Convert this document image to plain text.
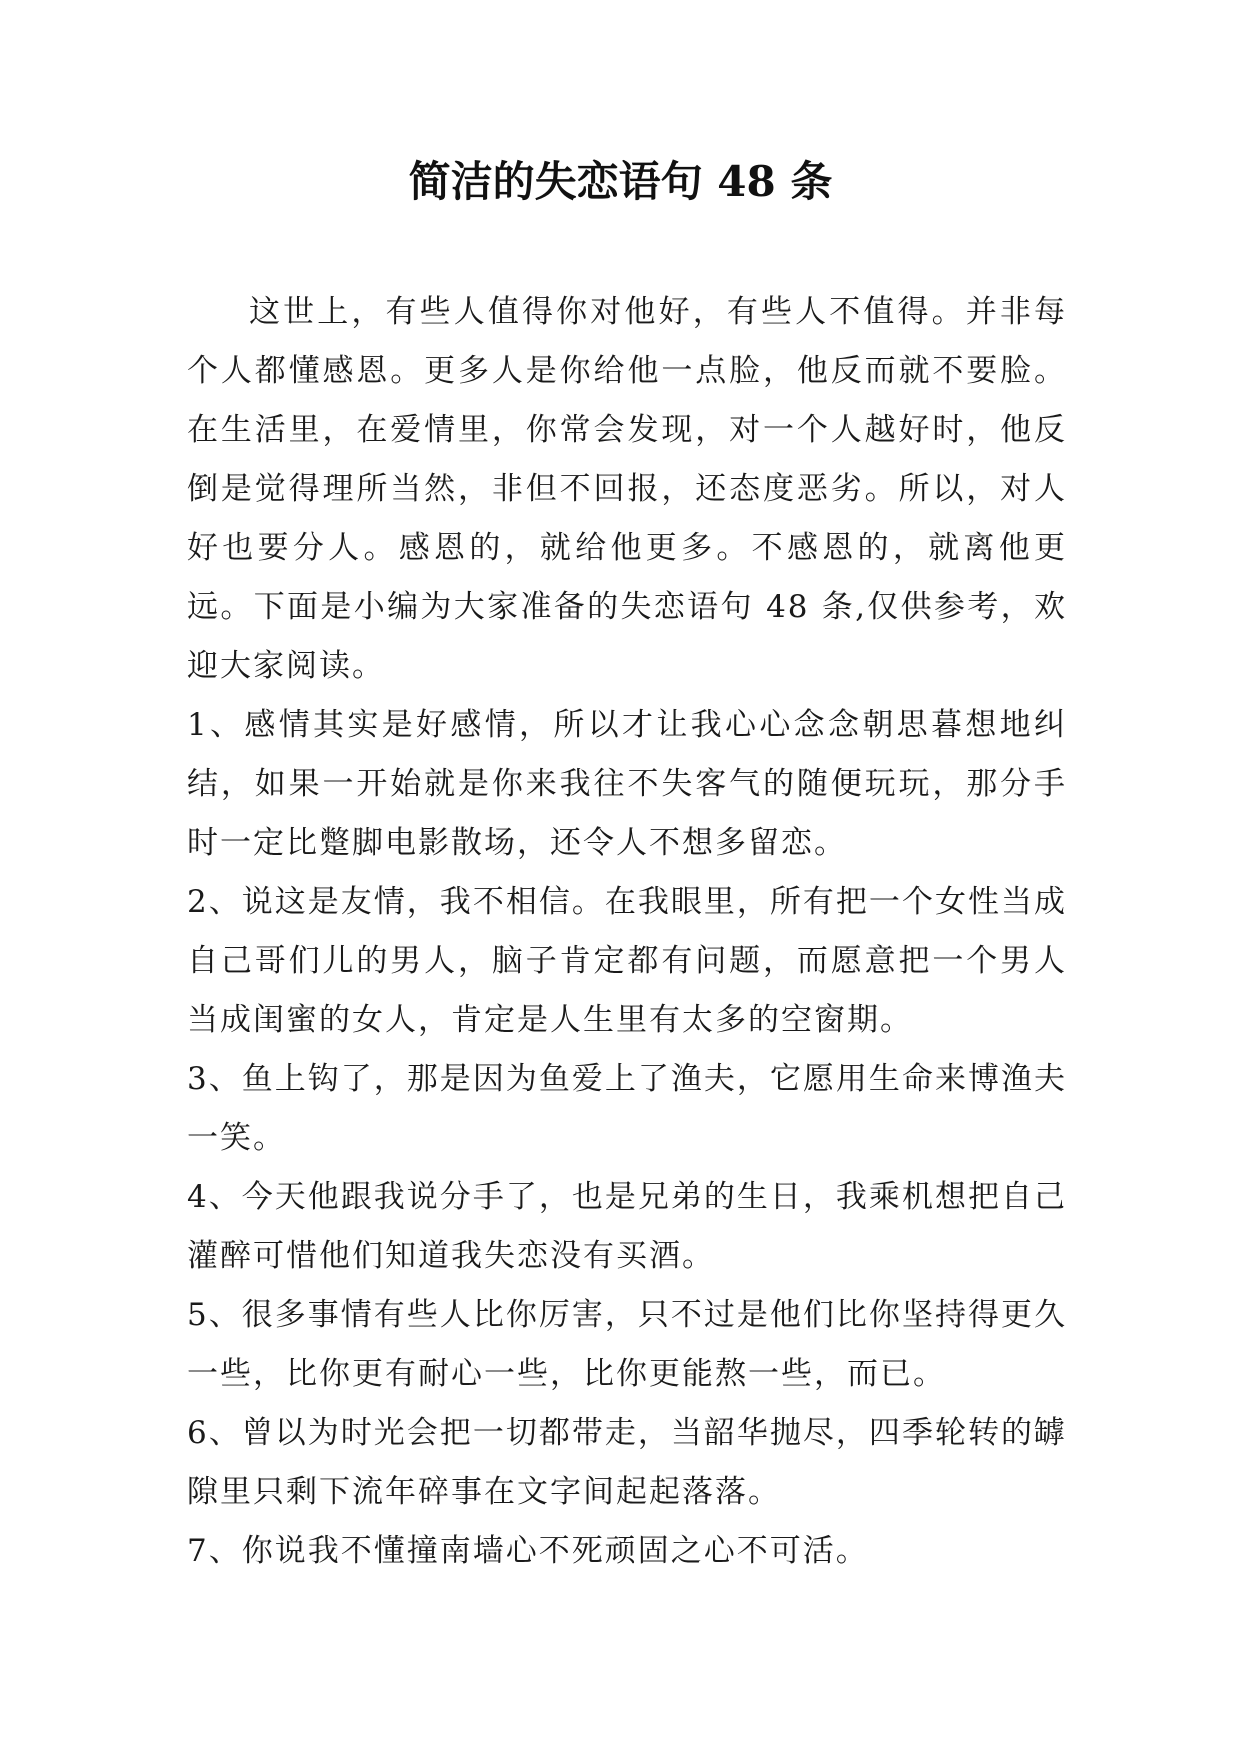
简洁的失恋语句 48 条

这世上，有些人值得你对他好，有些人不值得。并非每个人都懂感恩。更多人是你给他一点脸，他反而就不要脸。在生活里，在爱情里，你常会发现，对一个人越好时，他反倒是觉得理所当然，非但不回报，还态度恶劣。所以，对人好也要分人。感恩的，就给他更多。不感恩的，就离他更远。下面是小编为大家准备的失恋语句 48 条,仅供参考，欢迎大家阅读。

1、感情其实是好感情，所以才让我心心念念朝思暮想地纠结，如果一开始就是你来我往不失客气的随便玩玩，那分手时一定比蹩脚电影散场，还令人不想多留恋。

2、说这是友情，我不相信。在我眼里，所有把一个女性当成自己哥们儿的男人，脑子肯定都有问题，而愿意把一个男人当成闺蜜的女人，肯定是人生里有太多的空窗期。

3、鱼上钩了，那是因为鱼爱上了渔夫，它愿用生命来博渔夫一笑。

4、今天他跟我说分手了，也是兄弟的生日，我乘机想把自己灌醉可惜他们知道我失恋没有买酒。

5、很多事情有些人比你厉害，只不过是他们比你坚持得更久一些，比你更有耐心一些，比你更能熬一些，而已。

6、曾以为时光会把一切都带走，当韶华抛尽，四季轮转的罅隙里只剩下流年碎事在文字间起起落落。

7、你说我不懂撞南墙心不死顽固之心不可活。
